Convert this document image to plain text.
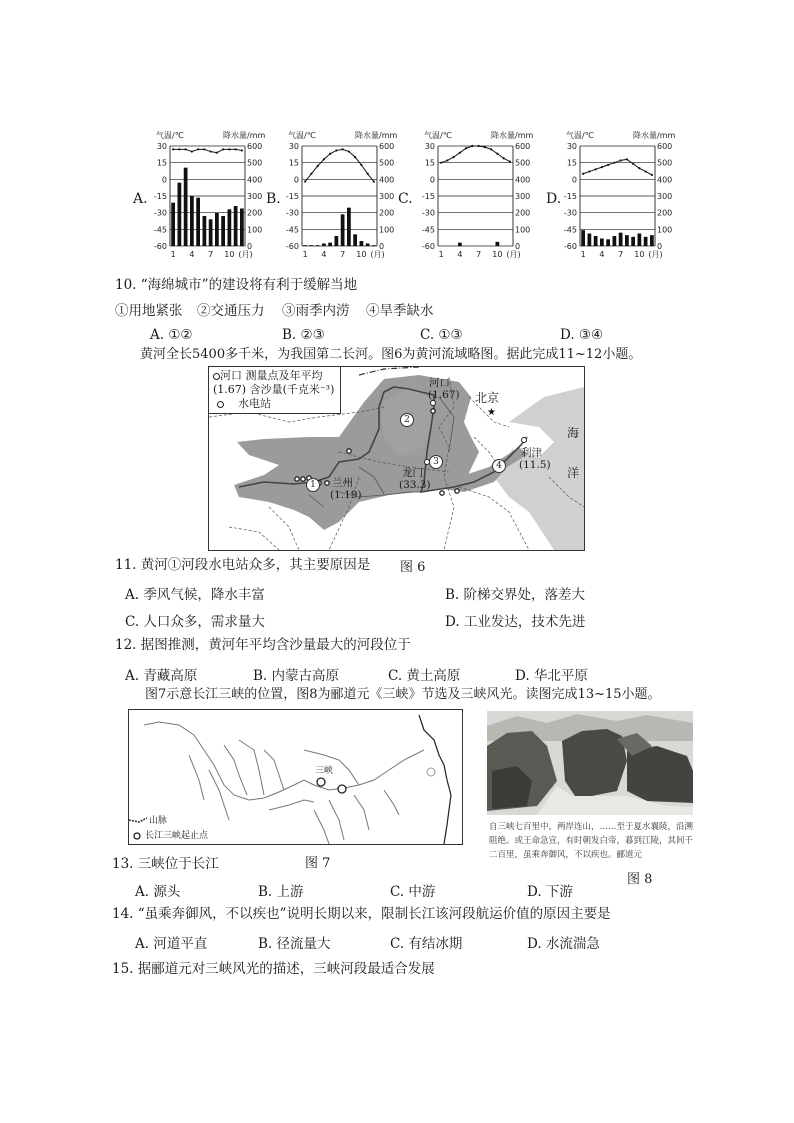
A.
气温/℃	降水量/mm
30	600
15	500
0	400
-15	300
-30	200
-45	100
-60	0
1 4 7 10 (月)
B.
气温/℃	降水量/mm
30	600
15	500
0	400
-15	300
-30	200
-45	100
-60	0
1 4 7 10 (月)
C.
气温/℃	降水量/mm
30	600
15	500
0	400
-15	300
-30	200
-45	100
-60	0
1 4 7 10 (月)
D.
气温/℃	降水量/mm
30	600
15	500
0	400
-15	300
-30	200
-45	100
-60	0
1 4 7 10 (月)
10. “海绵城市”的建设将有利于缓解当地
①用地紧张 ②交通压力 ③雨季内涝 ④旱季缺水
A. ①②	B. ②③	C. ①③	D. ③④
黄河全长5400多千米，为我国第二长河。图6为黄河流域略图。据此完成11~12小题。
★
河口 测量点及年平均
(1.67) 含沙量(千克米⁻³)
水电站
河口
(1.67) 北京
龙门
(33.3)
兰州
(1.19)
利津
(11.5)
海
洋
1
2
3	4
11. 黄河①河段水电站众多，其主要原因是 图 6
A. 季风气候，降水丰富	B. 阶梯交界处，落差大
C. 人口众多，需求量大	D. 工业发达，技术先进
12. 据图推测，黄河年平均含沙量最大的河段位于
A. 青藏高原	B. 内蒙古高原	C. 黄土高原	D. 华北平原
图7示意长江三峡的位置，图8为郦道元《三峡》节选及三峡风光。读图完成13~15小题。
三峡
山脉
长江三峡起止点
自三峡七百里中，两岸连山，……至于夏水襄陵，沿溯阻绝。或王命急宣，有时朝发白帝，暮到江陵，其间千二百里，虽乘奔御风，不以疾也。郦道元
图 8
13. 三峡位于长江	图 7
A. 源头	B. 上游	C. 中游	D. 下游
14. “虽乘奔御风，不以疾也”说明长期以来，限制长江该河段航运价值的原因主要是
A. 河道平直	B. 径流量大	C. 有结冰期	D. 水流湍急
15. 据郦道元对三峡风光的描述，三峡河段最适合发展
